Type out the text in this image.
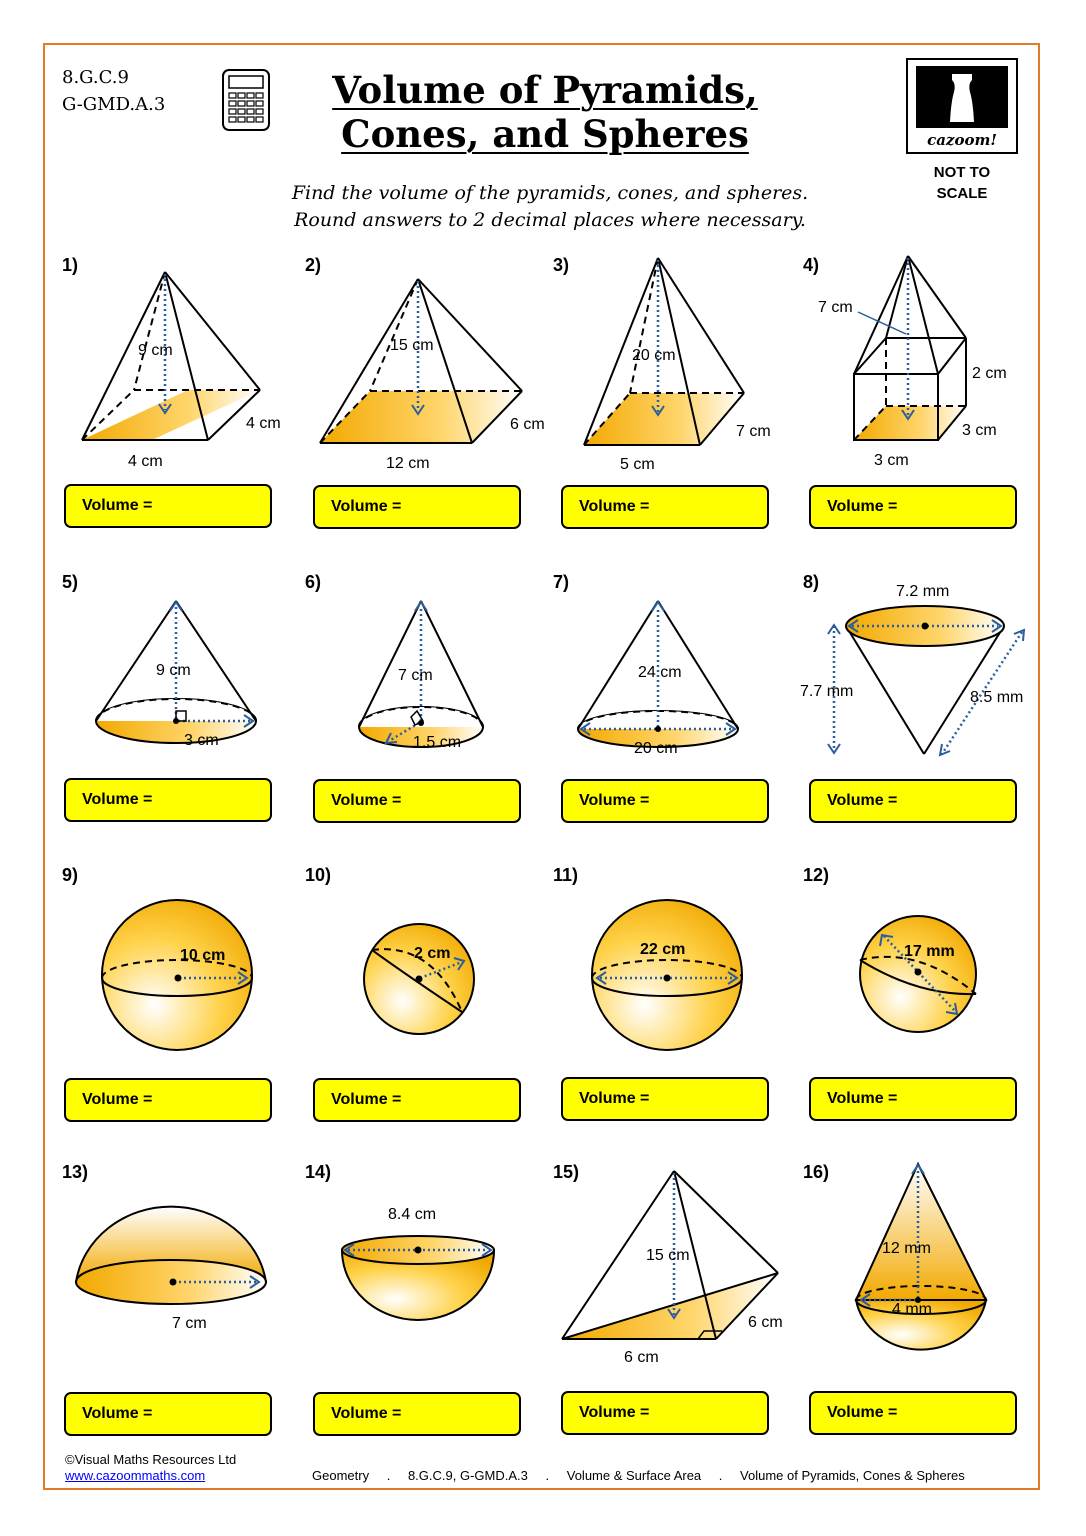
8.G.C.9
G-GMD.A.3	Volume of Pyramids,
Cones, and Spheres	cazoom!
NOT TO
SCALE
Find the volume of the pyramids, cones, and spheres.
Round answers to 2 decimal places where necessary.
1)
9 cm
4 cm
4 cm
Volume =
2)
15 cm
6 cm
12 cm
Volume =
3)
20 cm
7 cm
5 cm
Volume =
4)
7 cm
2 cm
3 cm
3 cm
Volume =
5)
9 cm
3 cm
Volume =
6)
7 cm
1.5 cm
Volume =
7)
24 cm
20 cm
Volume =
8)	7.2 mm
7.7 mm	8.5 mm
Volume =
9)
10 cm
Volume =
10)
2 cm
Volume =
11)
22 cm
Volume =
12)
17 mm
Volume =
13)
7 cm
Volume =
14)
8.4 cm
Volume =
15)
15 cm
6 cm
6 cm
Volume =
16)
12 mm
4 mm
Volume =
©Visual Maths Resources Ltd
www.cazoommaths.com	Geometry . 8.G.C.9, G-GMD.A.3 . Volume & Surface Area . Volume of Pyramids, Cones & Spheres
